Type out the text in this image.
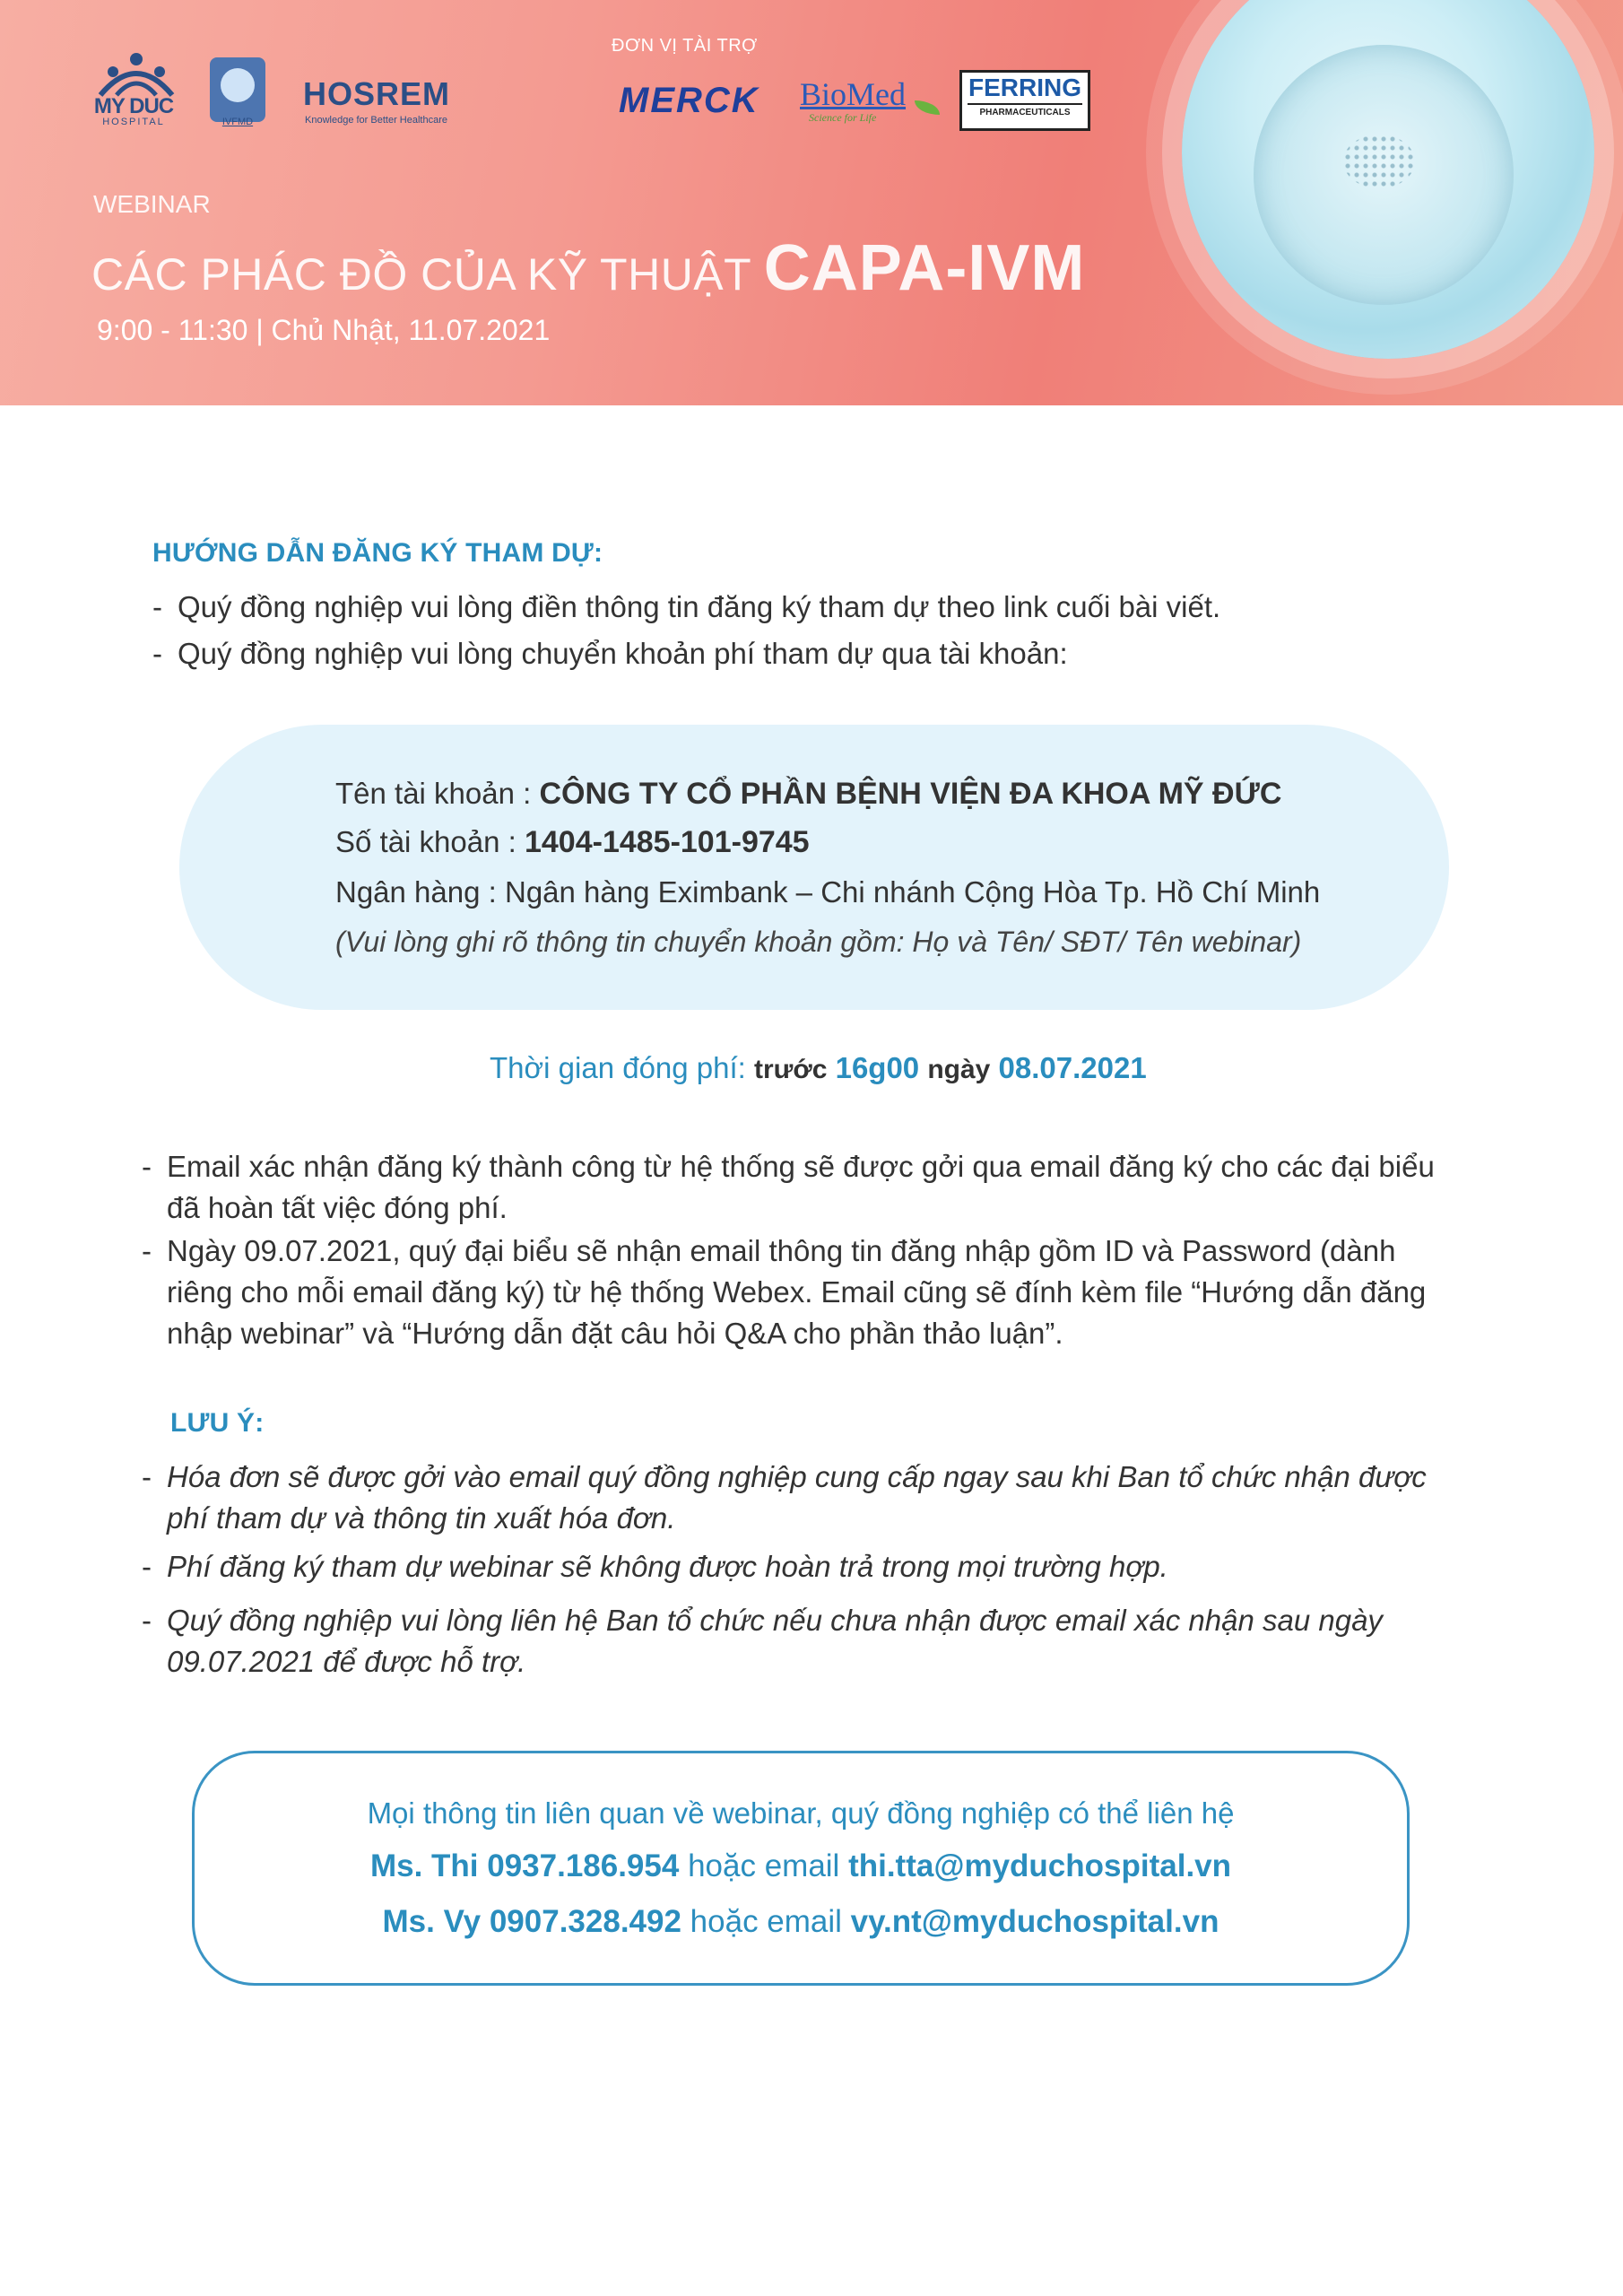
MY DUC
HOSPITAL	IVFMD
HOSREM
Knowledge for Better Healthcare
ĐƠN VỊ TÀI TRỢ
MERCK BioMed
Science for Life
FERRING
PHARMACEUTICALS
WEBINAR
CÁC PHÁC ĐỒ CỦA KỸ THUẬT CAPA-IVM
9:00 - 11:30 | Chủ Nhật, 11.07.2021
HƯỚNG DẪN ĐĂNG KÝ THAM DỰ:
- Quý đồng nghiệp vui lòng điền thông tin đăng ký tham dự theo link cuối bài viết.
- Quý đồng nghiệp vui lòng chuyển khoản phí tham dự qua tài khoản:
Tên tài khoản : CÔNG TY CỔ PHẦN BỆNH VIỆN ĐA KHOA MỸ ĐỨC
Số tài khoản : 1404-1485-101-9745
Ngân hàng : Ngân hàng Eximbank – Chi nhánh Cộng Hòa Tp. Hồ Chí Minh
(Vui lòng ghi rõ thông tin chuyển khoản gồm: Họ và Tên/ SĐT/ Tên webinar)
Thời gian đóng phí: trước 16g00 ngày 08.07.2021
- Email xác nhận đăng ký thành công từ hệ thống sẽ được gởi qua email đăng ký cho các đại biểu đã hoàn tất việc đóng phí.
- Ngày 09.07.2021, quý đại biểu sẽ nhận email thông tin đăng nhập gồm ID và Password (dành riêng cho mỗi email đăng ký) từ hệ thống Webex. Email cũng sẽ đính kèm file “Hướng dẫn đăng nhập webinar” và “Hướng dẫn đặt câu hỏi Q&A cho phần thảo luận”.
LƯU Ý:
- Hóa đơn sẽ được gởi vào email quý đồng nghiệp cung cấp ngay sau khi Ban tổ chức nhận được phí tham dự và thông tin xuất hóa đơn.
- Phí đăng ký tham dự webinar sẽ không được hoàn trả trong mọi trường hợp.
- Quý đồng nghiệp vui lòng liên hệ Ban tổ chức nếu chưa nhận được email xác nhận sau ngày 09.07.2021 để được hỗ trợ.
Mọi thông tin liên quan về webinar, quý đồng nghiệp có thể liên hệ
Ms. Thi 0937.186.954 hoặc email thi.tta@myduchospital.vn
Ms. Vy 0907.328.492 hoặc email vy.nt@myduchospital.vn
